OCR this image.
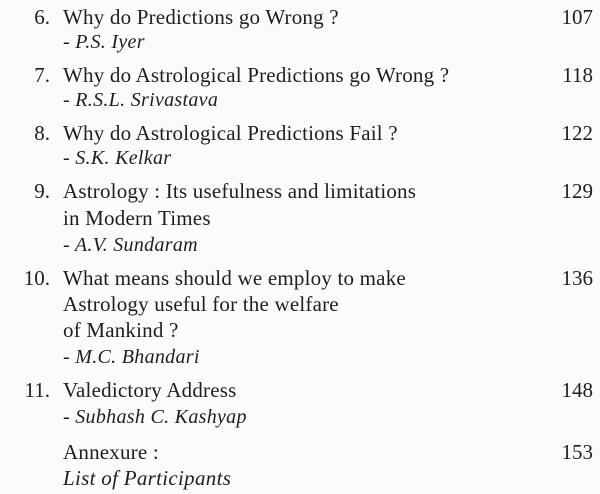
6. Why do Predictions go Wrong ?
- P.S. Iyer
107
7. Why do Astrological Predictions go Wrong ?
- R.S.L. Srivastava
118
8. Why do Astrological Predictions Fail ?
- S.K. Kelkar
122
9. Astrology : Its usefulness and limitations
in Modern Times
- A.V. Sundaram
129
10. What means should we employ to make
Astrology useful for the welfare
of Mankind ?
- M.C. Bhandari
136
11. Valedictory Address
- Subhash C. Kashyap
148
Annexure :
List of Participants
153
